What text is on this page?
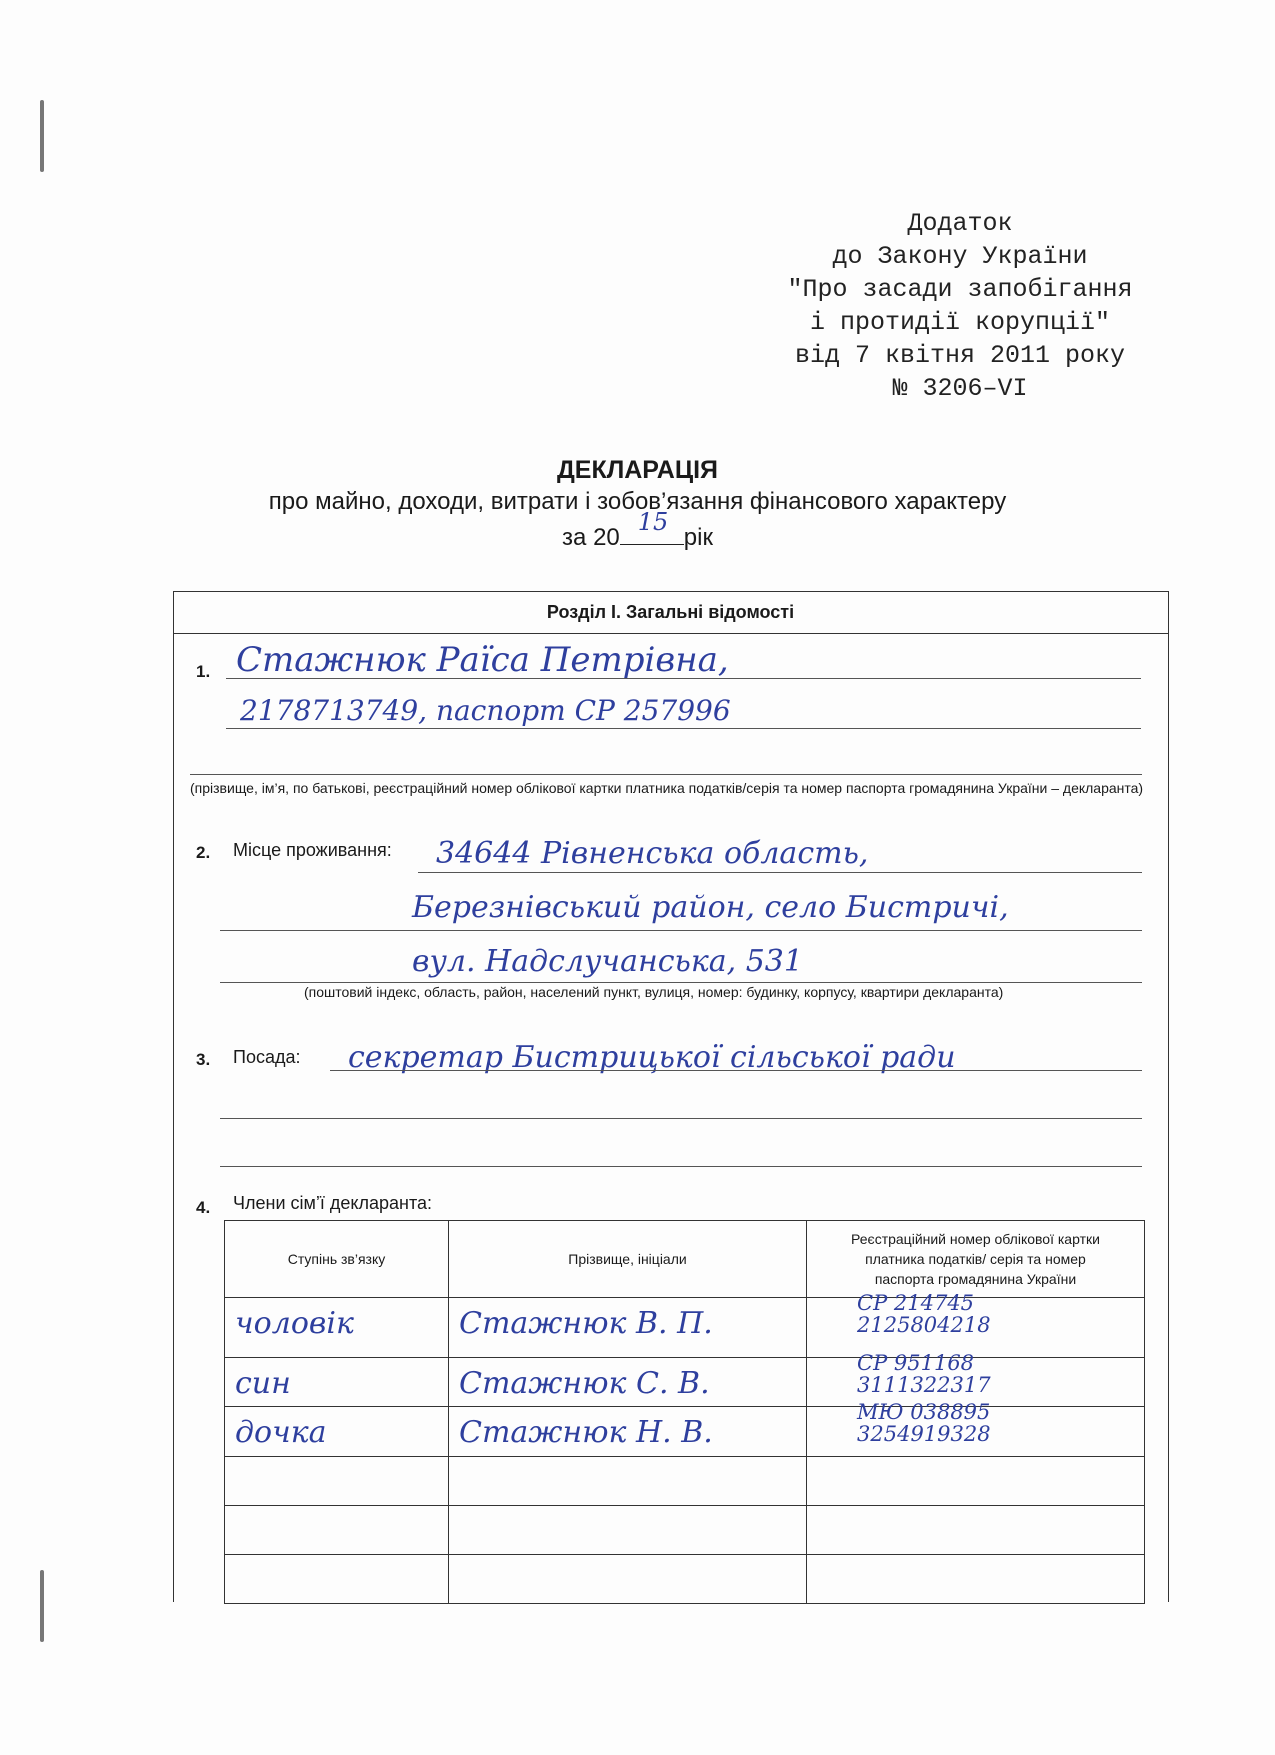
Додаток
до Закону України
"Про засади запобігання
і протидії корупції"
від 7 квітня 2011 року
№ 3206–VI
ДЕКЛАРАЦІЯ
про майно, доходи, витрати і зобов’язання фінансового характеру
за 20
15
рік
Розділ І. Загальні відомості
1. Стажнюк Раїса Петрівна,
2178713749, паспорт СР 257996
(прізвище, ім’я, по батькові, реєстраційний номер облікової картки платника податків/серія та номер паспорта громадянина України – декларанта)
2. Місце проживання: 34644 Рівненська область,
Березнівський район, село Бистричі,
вул. Надслучанська, 531
(поштовий індекс, область, район, населений пункт, вулиця, номер: будинку, корпусу, квартири декларанта)
3. Посада: секретар Бистрицької сільської ради
4. Члени сім’ї декларанта:
Ступінь зв’язку	Прізвище, ініціали	Реєстраційний номер облікової картки платника податків/ серія та номер паспорта громадянина України

чоловік	Стажнюк В. П.	СР 214745
2125804218

син	Стажнюк С. В.	СР 951168
3111322317

дочка	Стажнюк Н. В.	МЮ 038895
3254919328
